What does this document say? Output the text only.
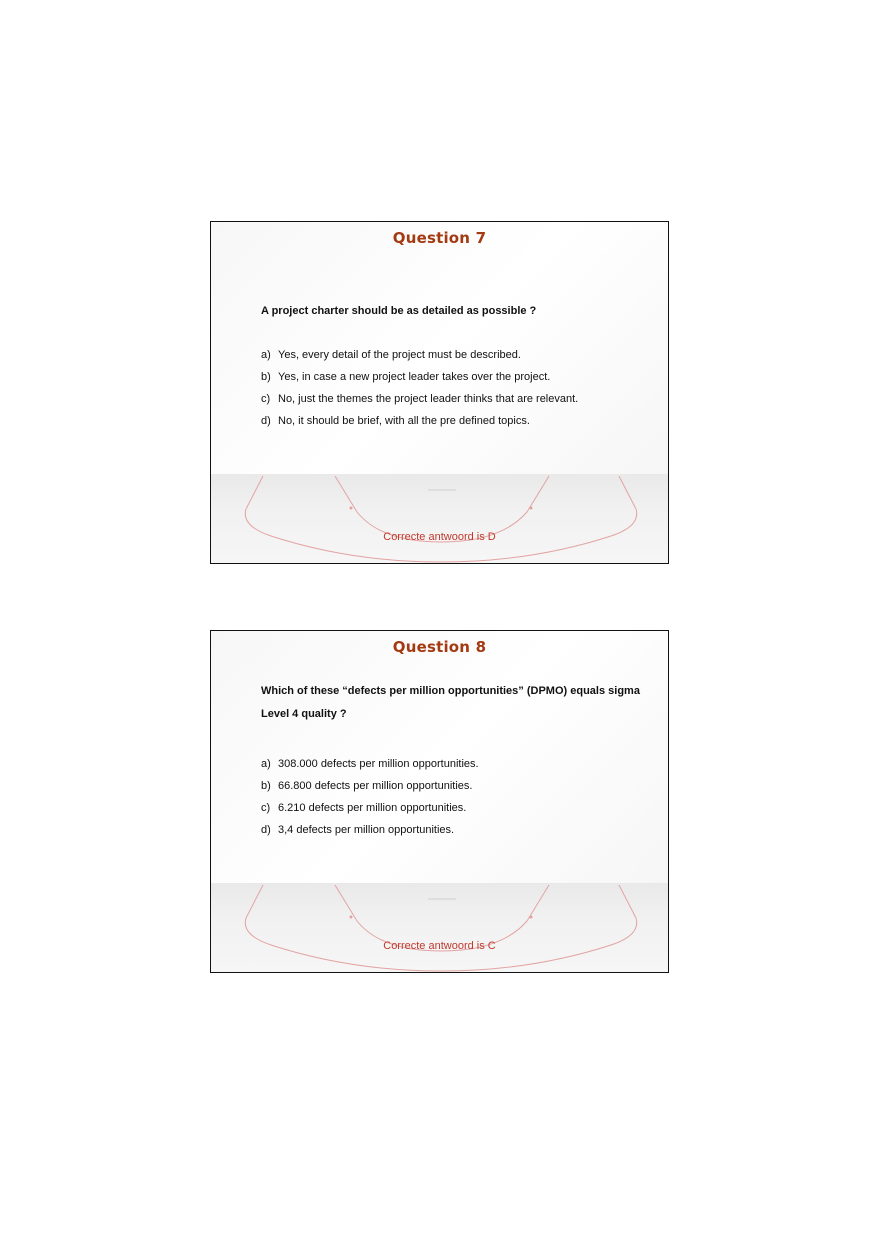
Question 7
A project charter should be as detailed as possible ?
a) Yes, every detail of the project must be described.
b) Yes, in case a new project leader takes over the project.
c) No, just the themes the project leader thinks that are relevant.
d) No, it should be brief, with all the pre defined topics.
Correcte antwoord is D
Question 8
Which of these “defects per million opportunities” (DPMO) equals sigma Level 4 quality ?
a) 308.000 defects per million opportunities.
b) 66.800 defects per million opportunities.
c) 6.210 defects per million opportunities.
d) 3,4 defects per million opportunities.
Correcte antwoord is C
